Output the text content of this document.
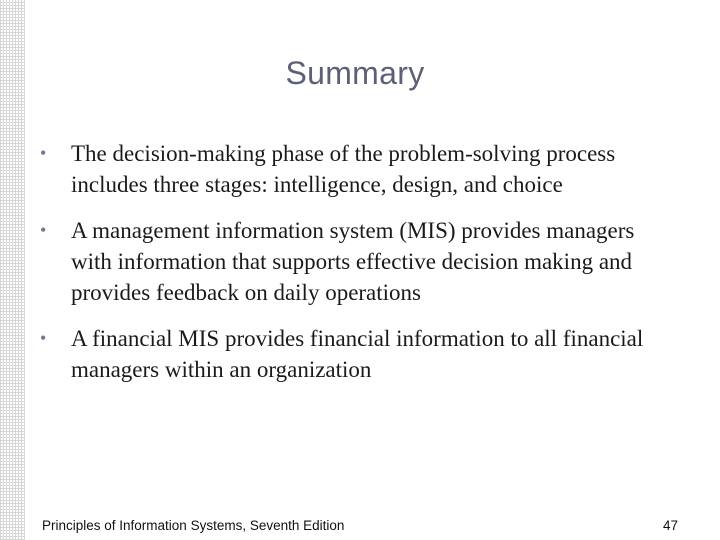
Summary
• The decision-making phase of the problem-solving process includes three stages: intelligence, design, and choice
• A management information system (MIS) provides managers with information that supports effective decision making and provides feedback on daily operations
• A financial MIS provides financial information to all financial managers within an organization
Principles of Information Systems, Seventh Edition	47
